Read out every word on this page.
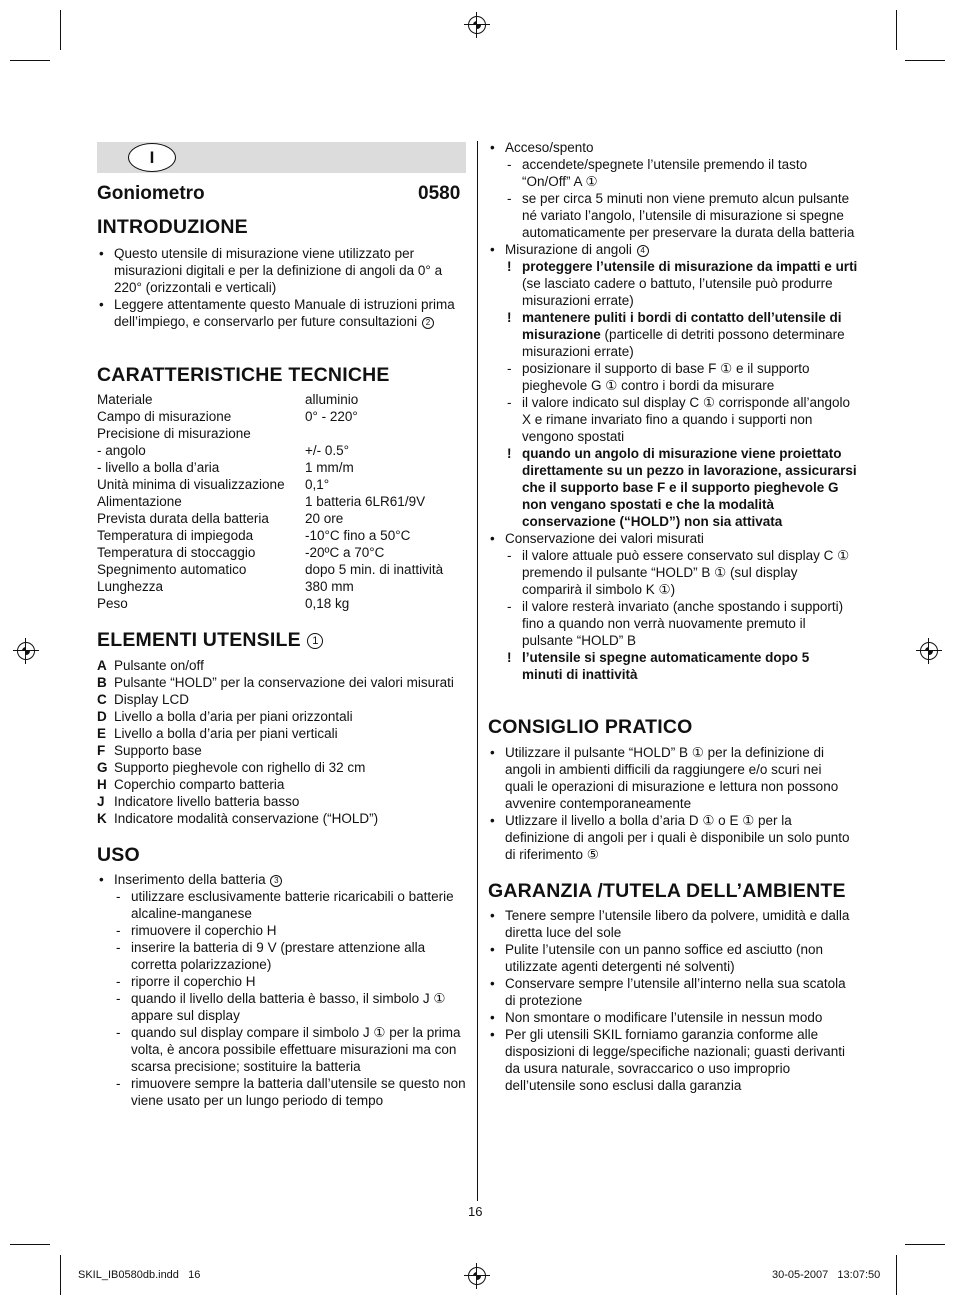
I
Goniometro	0580
INTRODUZIONE
• Questo utensile di misurazione viene utilizzato per misurazioni digitali e per la definizione di angoli da 0° a 220° (orizzontali e verticali)
• Leggere attentamente questo Manuale di istruzioni prima dell’impiego, e conservarlo per future consultazioni 2
CARATTERISTICHE TECNICHE
Materiale	alluminio
Campo di misurazione	0° - 220°
Precisione di misurazione	
- angolo	+/- 0.5°
- livello a bolla d’aria	1 mm/m
Unità minima di visualizzazione	0,1°
Alimentazione	1 batteria 6LR61/9V
Prevista durata della batteria	20 ore
Temperatura di impiegoda	-10°C fino a 50°C
Temperatura di stoccaggio	-20ºC a 70°C
Spegnimento automatico	dopo 5 min. di inattività
Lunghezza	380 mm
Peso	0,18 kg
ELEMENTI UTENSILE 1
A Pulsante on/off
B Pulsante “HOLD” per la conservazione dei valori misurati
C Display LCD
D Livello a bolla d’aria per piani orizzontali
E Livello a bolla d’aria per piani verticali
F Supporto base
G Supporto pieghevole con righello di 32 cm
H Coperchio comparto batteria
J Indicatore livello batteria basso
K Indicatore modalità conservazione (“HOLD”)
USO
• Inserimento della batteria 3
- utilizzare esclusivamente batterie ricaricabili o batterie alcaline-manganese
- rimuovere il coperchio H
- inserire la batteria di 9 V (prestare attenzione alla corretta polarizzazione)
- riporre il coperchio H
- quando il livello della batteria è basso, il simbolo J ① appare sul display
- quando sul display compare il simbolo J ① per la prima volta, è ancora possibile effettuare misurazioni ma con scarsa precisione; sostituire la batteria
- rimuovere sempre la batteria dall’utensile se questo non viene usato per un lungo periodo di tempo
• Acceso/spento
- accendete/spegnete l’utensile premendo il tasto “On/Off” A ①
- se per circa 5 minuti non viene premuto alcun pulsante né variato l’angolo, l’utensile di misurazione si spegne automaticamente per preservare la durata della batteria
• Misurazione di angoli 4
! proteggere l’utensile di misurazione da impatti e urti (se lasciato cadere o battuto, l’utensile può produrre misurazioni errate)
! mantenere puliti i bordi di contatto dell’utensile di misurazione (particelle di detriti possono determinare misurazioni errate)
- posizionare il supporto di base F ① e il supporto pieghevole G ① contro i bordi da misurare
- il valore indicato sul display C ① corrisponde all’angolo X e rimane invariato fino a quando i supporti non vengono spostati
! quando un angolo di misurazione viene proiettato direttamente su un pezzo in lavorazione, assicurarsi che il supporto base F e il supporto pieghevole G non vengano spostati e che la modalità conservazione (“HOLD”) non sia attivata
• Conservazione dei valori misurati
- il valore attuale può essere conservato sul display C ① premendo il pulsante “HOLD” B ① (sul display comparirà il simbolo K ①)
- il valore resterà invariato (anche spostando i supporti) fino a quando non verrà nuovamente premuto il pulsante “HOLD” B
! l’utensile si spegne automaticamente dopo 5 minuti di inattività
CONSIGLIO PRATICO
• Utilizzare il pulsante “HOLD” B ① per la definizione di angoli in ambienti difficili da raggiungere e/o scuri nei quali le operazioni di misurazione e lettura non possono avvenire contemporaneamente
• Utlizzare il livello a bolla d’aria D ① o E ① per la definizione di angoli per i quali è disponibile un solo punto di riferimento ⑤
GARANZIA /TUTELA DELL’AMBIENTE
• Tenere sempre l’utensile libero da polvere, umidità e dalla diretta luce del sole
• Pulite l’utensile con un panno soffice ed asciutto (non utilizzate agenti detergenti né solventi)
• Conservare sempre l’utensile all’interno nella sua scatola di protezione
• Non smontare o modificare l’utensile in nessun modo
• Per gli utensili SKIL forniamo garanzia conforme alle disposizioni di legge/specifiche nazionali; guasti derivanti da usura naturale, sovraccarico o uso improprio dell’utensile sono esclusi dalla garanzia
16
SKIL_IB0580db.indd   16	30-05-2007   13:07:50
